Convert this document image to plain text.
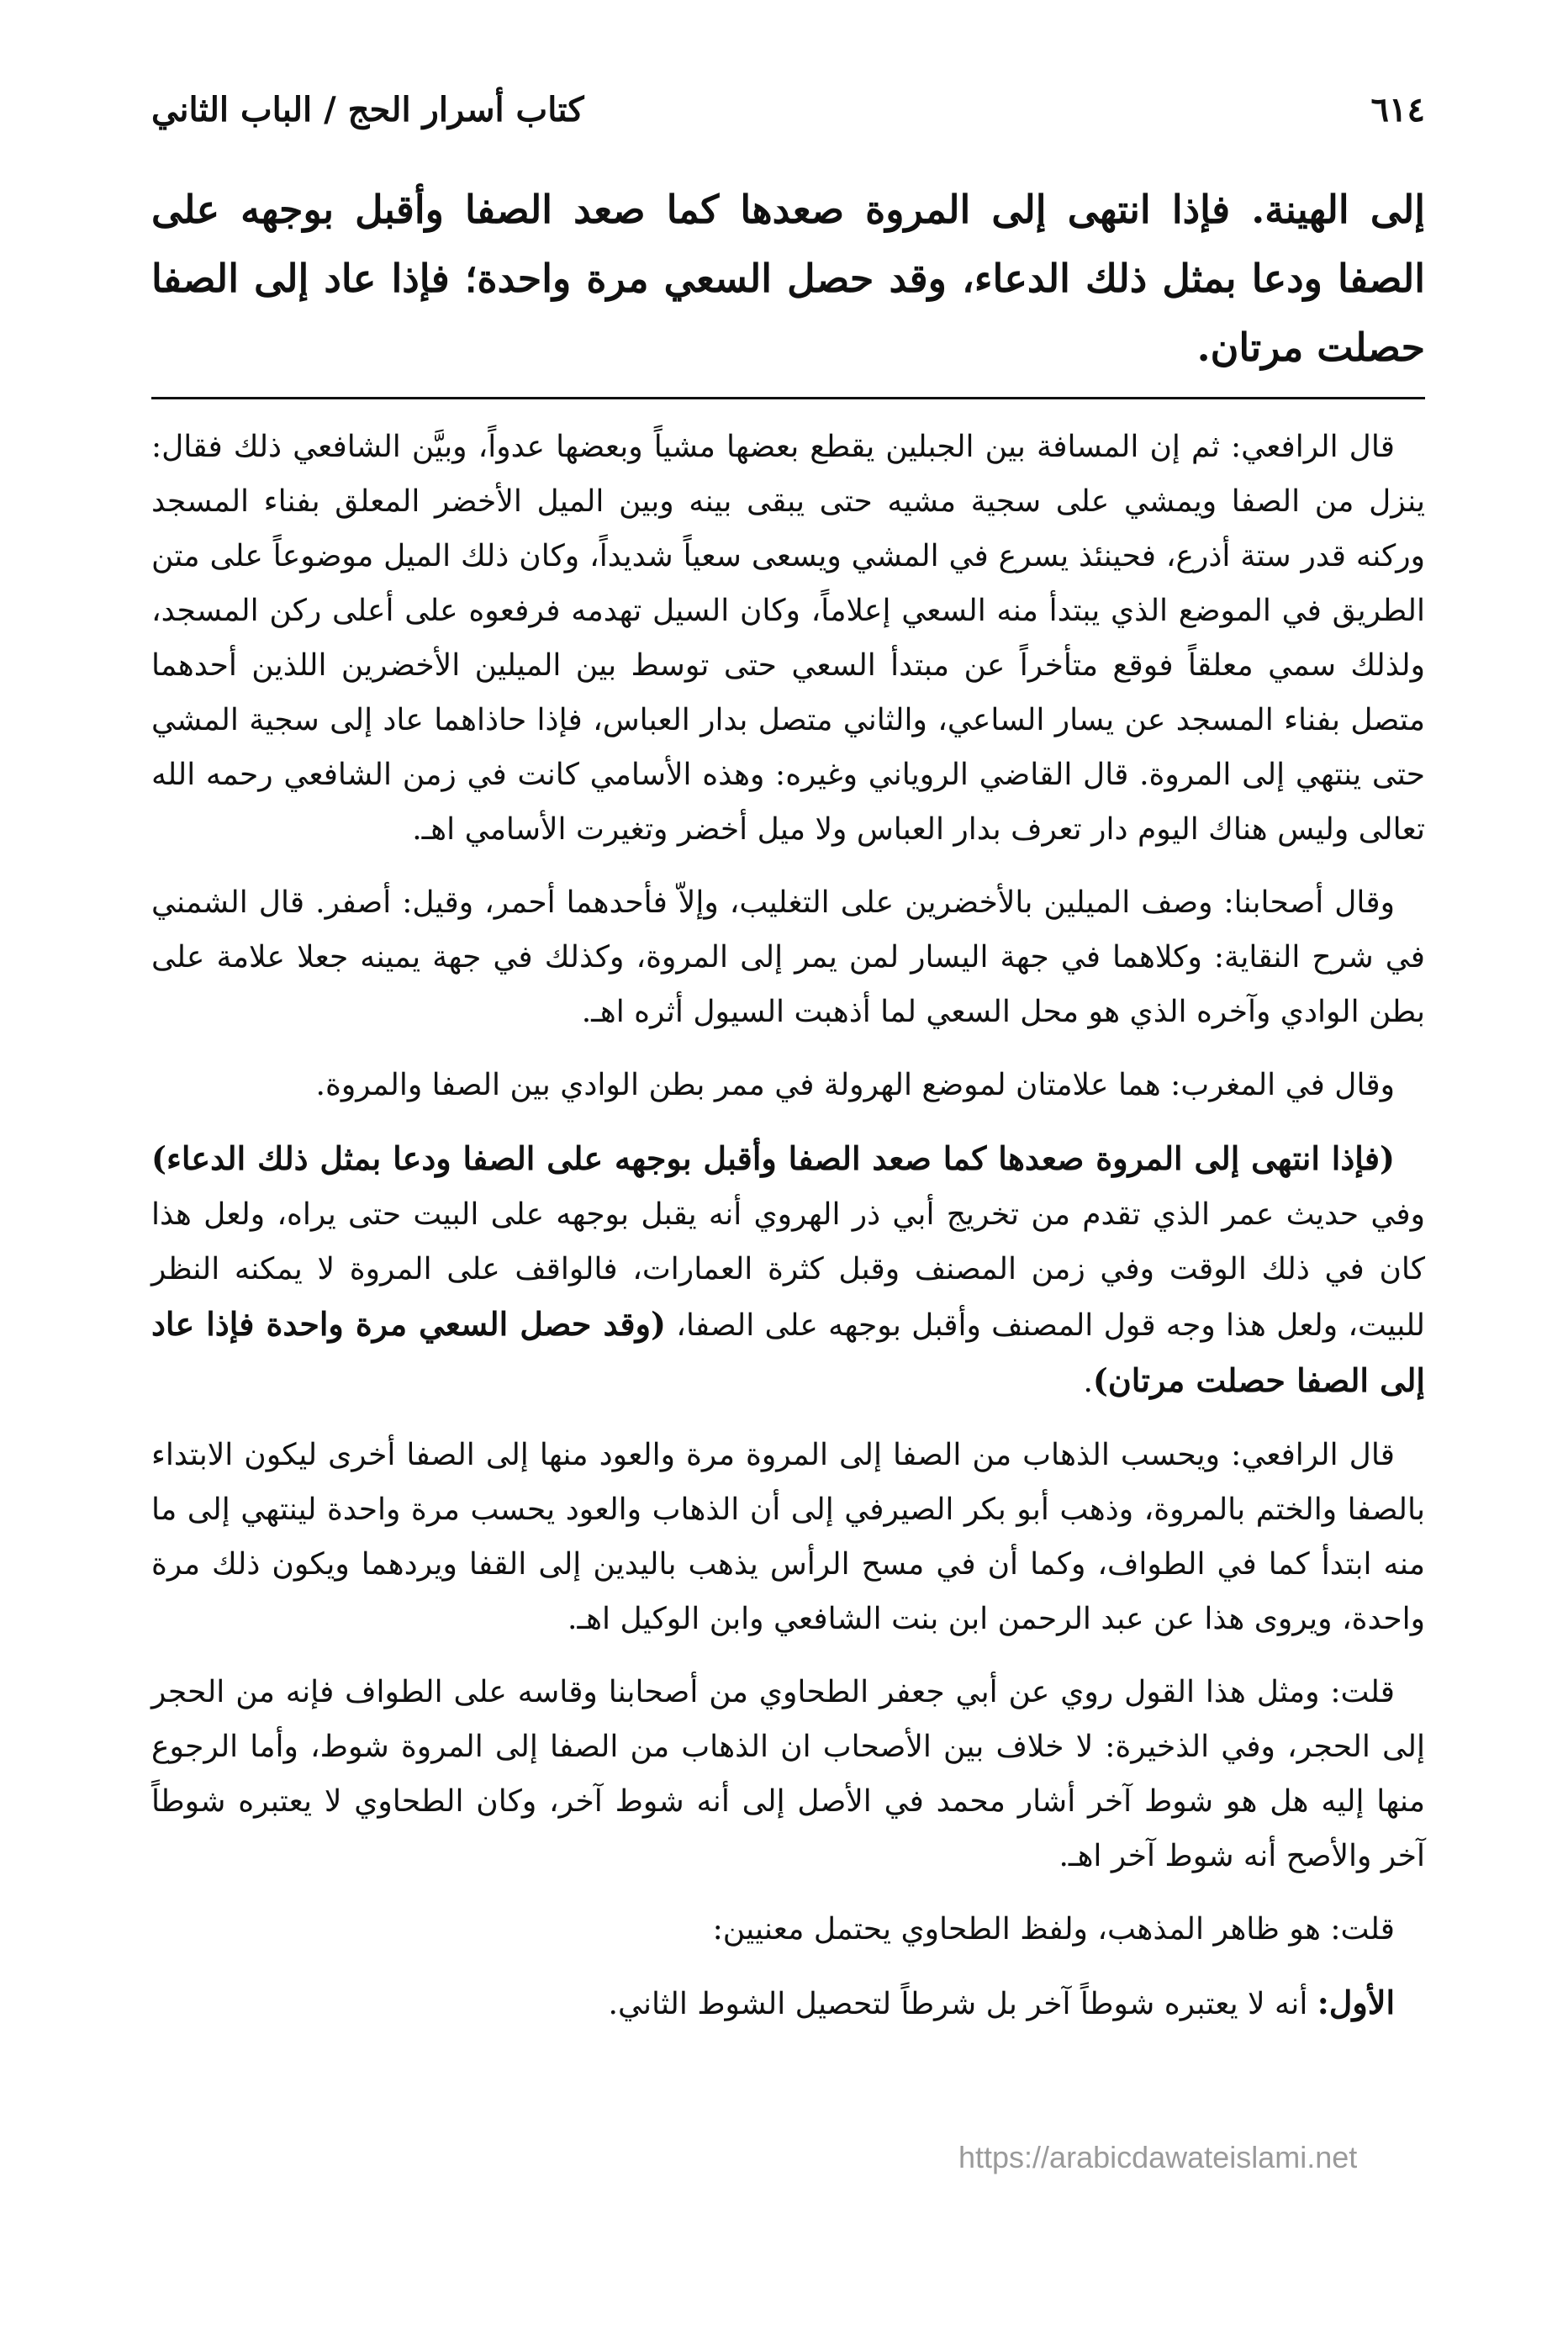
٦١٤
كتاب أسرار الحج / الباب الثاني

إلى الهينة. فإذا انتهى إلى المروة صعدها كما صعد الصفا وأقبل بوجهه على الصفا ودعا بمثل ذلك الدعاء، وقد حصل السعي مرة واحدة؛ فإذا عاد إلى الصفا حصلت مرتان.

قال الرافعي: ثم إن المسافة بين الجبلين يقطع بعضها مشياً وبعضها عدواً، وبيَّن الشافعي ذلك فقال: ينزل من الصفا ويمشي على سجية مشيه حتى يبقى بينه وبين الميل الأخضر المعلق بفناء المسجد وركنه قدر ستة أذرع، فحينئذ يسرع في المشي ويسعى سعياً شديداً، وكان ذلك الميل موضوعاً على متن الطريق في الموضع الذي يبتدأ منه السعي إعلاماً، وكان السيل تهدمه فرفعوه على أعلى ركن المسجد، ولذلك سمي معلقاً فوقع متأخراً عن مبتدأ السعي حتى توسط بين الميلين الأخضرين اللذين أحدهما متصل بفناء المسجد عن يسار الساعي، والثاني متصل بدار العباس، فإذا حاذاهما عاد إلى سجية المشي حتى ينتهي إلى المروة. قال القاضي الروياني وغيره: وهذه الأسامي كانت في زمن الشافعي رحمه الله تعالى وليس هناك اليوم دار تعرف بدار العباس ولا ميل أخضر وتغيرت الأسامي اهـ.

وقال أصحابنا: وصف الميلين بالأخضرين على التغليب، وإلاّ فأحدهما أحمر، وقيل: أصفر. قال الشمني في شرح النقاية: وكلاهما في جهة اليسار لمن يمر إلى المروة، وكذلك في جهة يمينه جعلا علامة على بطن الوادي وآخره الذي هو محل السعي لما أذهبت السيول أثره اهـ.

وقال في المغرب: هما علامتان لموضع الهرولة في ممر بطن الوادي بين الصفا والمروة.

(فإذا انتهى إلى المروة صعدها كما صعد الصفا وأقبل بوجهه على الصفا ودعا بمثل ذلك الدعاء) وفي حديث عمر الذي تقدم من تخريج أبي ذر الهروي أنه يقبل بوجهه على البيت حتى يراه، ولعل هذا كان في ذلك الوقت وفي زمن المصنف وقبل كثرة العمارات، فالواقف على المروة لا يمكنه النظر للبيت، ولعل هذا وجه قول المصنف وأقبل بوجهه على الصفا، (وقد حصل السعي مرة واحدة فإذا عاد إلى الصفا حصلت مرتان).

قال الرافعي: ويحسب الذهاب من الصفا إلى المروة مرة والعود منها إلى الصفا أخرى ليكون الابتداء بالصفا والختم بالمروة، وذهب أبو بكر الصيرفي إلى أن الذهاب والعود يحسب مرة واحدة لينتهي إلى ما منه ابتدأ كما في الطواف، وكما أن في مسح الرأس يذهب باليدين إلى القفا ويردهما ويكون ذلك مرة واحدة، ويروى هذا عن عبد الرحمن ابن بنت الشافعي وابن الوكيل اهـ.

قلت: ومثل هذا القول روي عن أبي جعفر الطحاوي من أصحابنا وقاسه على الطواف فإنه من الحجر إلى الحجر، وفي الذخيرة: لا خلاف بين الأصحاب ان الذهاب من الصفا إلى المروة شوط، وأما الرجوع منها إليه هل هو شوط آخر أشار محمد في الأصل إلى أنه شوط آخر، وكان الطحاوي لا يعتبره شوطاً آخر والأصح أنه شوط آخر اهـ.

قلت: هو ظاهر المذهب، ولفظ الطحاوي يحتمل معنيين:

الأول: أنه لا يعتبره شوطاً آخر بل شرطاً لتحصيل الشوط الثاني.

https://arabicdawateislami.net
